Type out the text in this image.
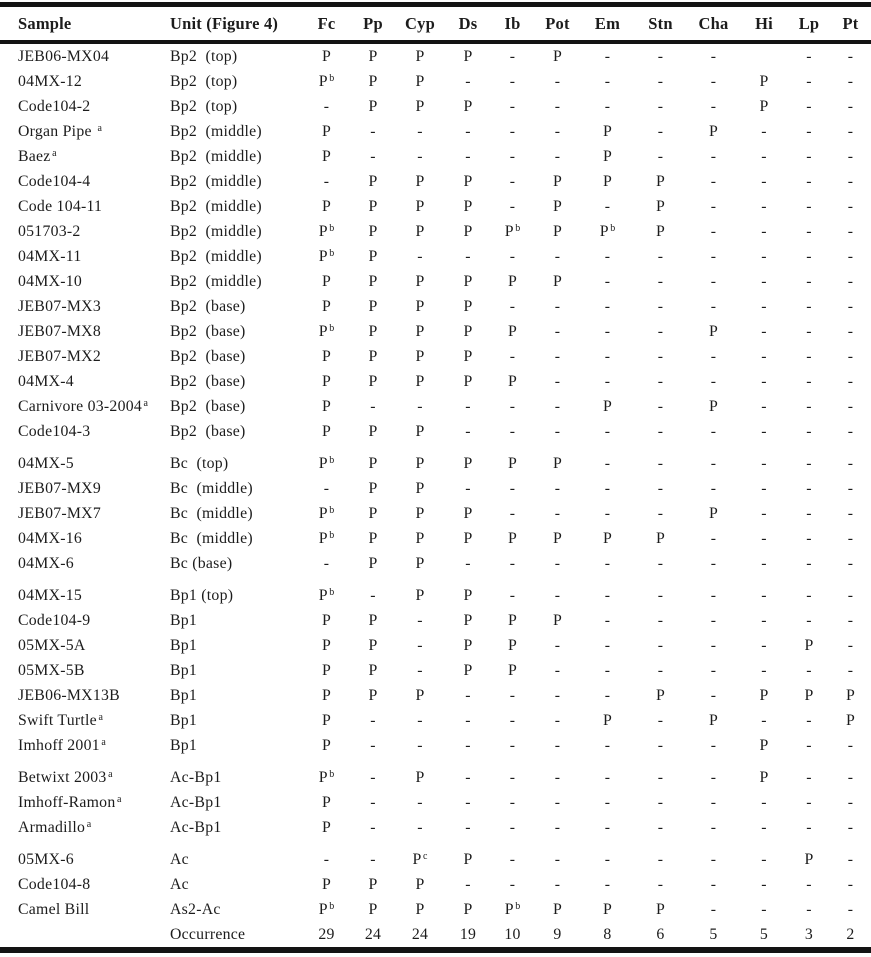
Sample	Unit (Figure 4)	Fc	Pp	Cyp	Ds	Ib	Pot	Em	Stn	Cha	Hi	Lp	Pt
JEB06-MX04	Bp2  (top)	P	P	P	P	-	P	-	-	-		-	-
04MX-12	Bp2  (top)	P $^b$	P	P	-	-	-	-	-	-	P	-	-
Code104-2	Bp2  (top)	-	P	P	P	-	-	-	-	-	P	-	-
Organ Pipe $^a$	Bp2  (middle)	P	-	-	-	-	-	P	-	P	-	-	-
Baez $^a$	Bp2  (middle)	P	-	-	-	-	-	P	-	-	-	-	-
Code104-4	Bp2  (middle)	-	P	P	P	-	P	P	P	-	-	-	-
Code 104-11	Bp2  (middle)	P	P	P	P	-	P	-	P	-	-	-	-
051703-2	Bp2  (middle)	P $^b$	P	P	P	P $^b$	P	P $^b$	P	-	-	-	-
04MX-11	Bp2  (middle)	P $^b$	P	-	-	-	-	-	-	-	-	-	-
04MX-10	Bp2  (middle)	P	P	P	P	P	P	-	-	-	-	-	-
JEB07-MX3	Bp2  (base)	P	P	P	P	-	-	-	-	-	-	-	-
JEB07-MX8	Bp2  (base)	P $^b$	P	P	P	P	-	-	-	P	-	-	-
JEB07-MX2	Bp2  (base)	P	P	P	P	-	-	-	-	-	-	-	-
04MX-4	Bp2  (base)	P	P	P	P	P	-	-	-	-	-	-	-
Carnivore 03-2004 $^a$	Bp2  (base)	P	-	-	-	-	-	P	-	P	-	-	-
Code104-3	Bp2  (base)	P	P	P	-	-	-	-	-	-	-	-	-
04MX-5	Bc  (top)	P $^b$	P	P	P	P	P	-	-	-	-	-	-
JEB07-MX9	Bc  (middle)	-	P	P	-	-	-	-	-	-	-	-	-
JEB07-MX7	Bc  (middle)	P $^b$	P	P	P	-	-	-	-	P	-	-	-
04MX-16	Bc  (middle)	P $^b$	P	P	P	P	P	P	P	-	-	-	-
04MX-6	Bc (base)	-	P	P	-	-	-	-	-	-	-	-	-
04MX-15	Bp1 (top)	P $^b$	-	P	P	-	-	-	-	-	-	-	-
Code104-9	Bp1	P	P	-	P	P	P	-	-	-	-	-	-
05MX-5A	Bp1	P	P	-	P	P	-	-	-	-	-	P	-
05MX-5B	Bp1	P	P	-	P	P	-	-	-	-	-	-	-
JEB06-MX13B	Bp1	P	P	P	-	-	-	-	P	-	P	P	P
Swift Turtle $^a$	Bp1	P	-	-	-	-	-	P	-	P	-	-	P
Imhoff 2001 $^a$	Bp1	P	-	-	-	-	-	-	-	-	P	-	-
Betwixt 2003 $^a$	Ac-Bp1	P $^b$	-	P	-	-	-	-	-	-	P	-	-
Imhoff-Ramon $^a$	Ac-Bp1	P	-	-	-	-	-	-	-	-	-	-	-
Armadillo $^a$	Ac-Bp1	P	-	-	-	-	-	-	-	-	-	-	-
05MX-6	Ac	-	-	P $^c$	P	-	-	-	-	-	-	P	-
Code104-8	Ac	P	P	P	-	-	-	-	-	-	-	-	-
Camel Bill	As2-Ac	P $^b$	P	P	P	P $^b$	P	P	P	-	-	-	-
	Occurrence	29	24	24	19	10	9	8	6	5	5	3	2
